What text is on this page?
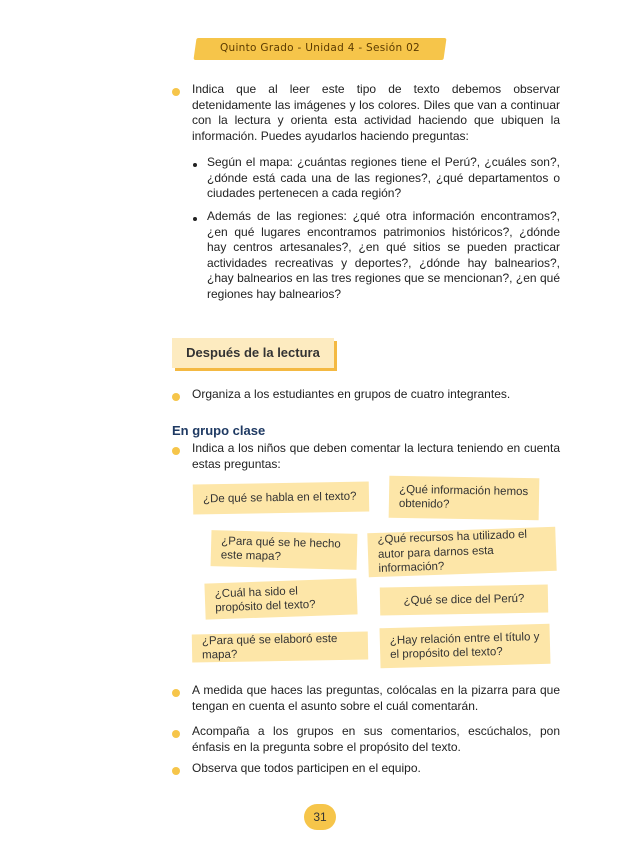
Quinto Grado - Unidad 4 - Sesión 02
Indica que al leer este tipo de texto debemos observar detenidamente las imágenes y los colores. Diles que van a continuar con la lectura y orienta esta actividad haciendo que ubiquen la información. Puedes ayudarlos haciendo preguntas:
Según el mapa: ¿cuántas regiones tiene el Perú?, ¿cuáles son?, ¿dónde está cada una de las regiones?, ¿qué departamentos o ciudades pertenecen a cada región?
Además de las regiones: ¿qué otra información encontramos?, ¿en qué lugares encontramos patrimonios históricos?, ¿dónde hay centros artesanales?, ¿en qué sitios se pueden practicar actividades recreativas y deportes?, ¿dónde hay balnearios?, ¿hay balnearios en las tres regiones que se mencionan?, ¿en qué regiones hay balnearios?
Después de la lectura
Organiza a los estudiantes en grupos de cuatro integrantes.
En grupo clase
Indica a los niños que deben comentar la lectura teniendo en cuenta estas preguntas:
¿De qué se habla en el texto?	¿Qué información hemos obtenido?
¿Para qué se he hecho este mapa?
¿Qué recursos ha utilizado el autor para darnos esta información?
¿Cuál ha sido el propósito del texto?	¿Qué se dice del Perú?
¿Para qué se elaboró este mapa?
¿Hay relación entre el título y el propósito del texto?
A medida que haces las preguntas, colócalas en la pizarra para que tengan en cuenta el asunto sobre el cuál comentarán.
Acompaña a los grupos en sus comentarios, escúchalos, pon énfasis en la pregunta sobre el propósito del texto.
Observa que todos participen en el equipo.
31
